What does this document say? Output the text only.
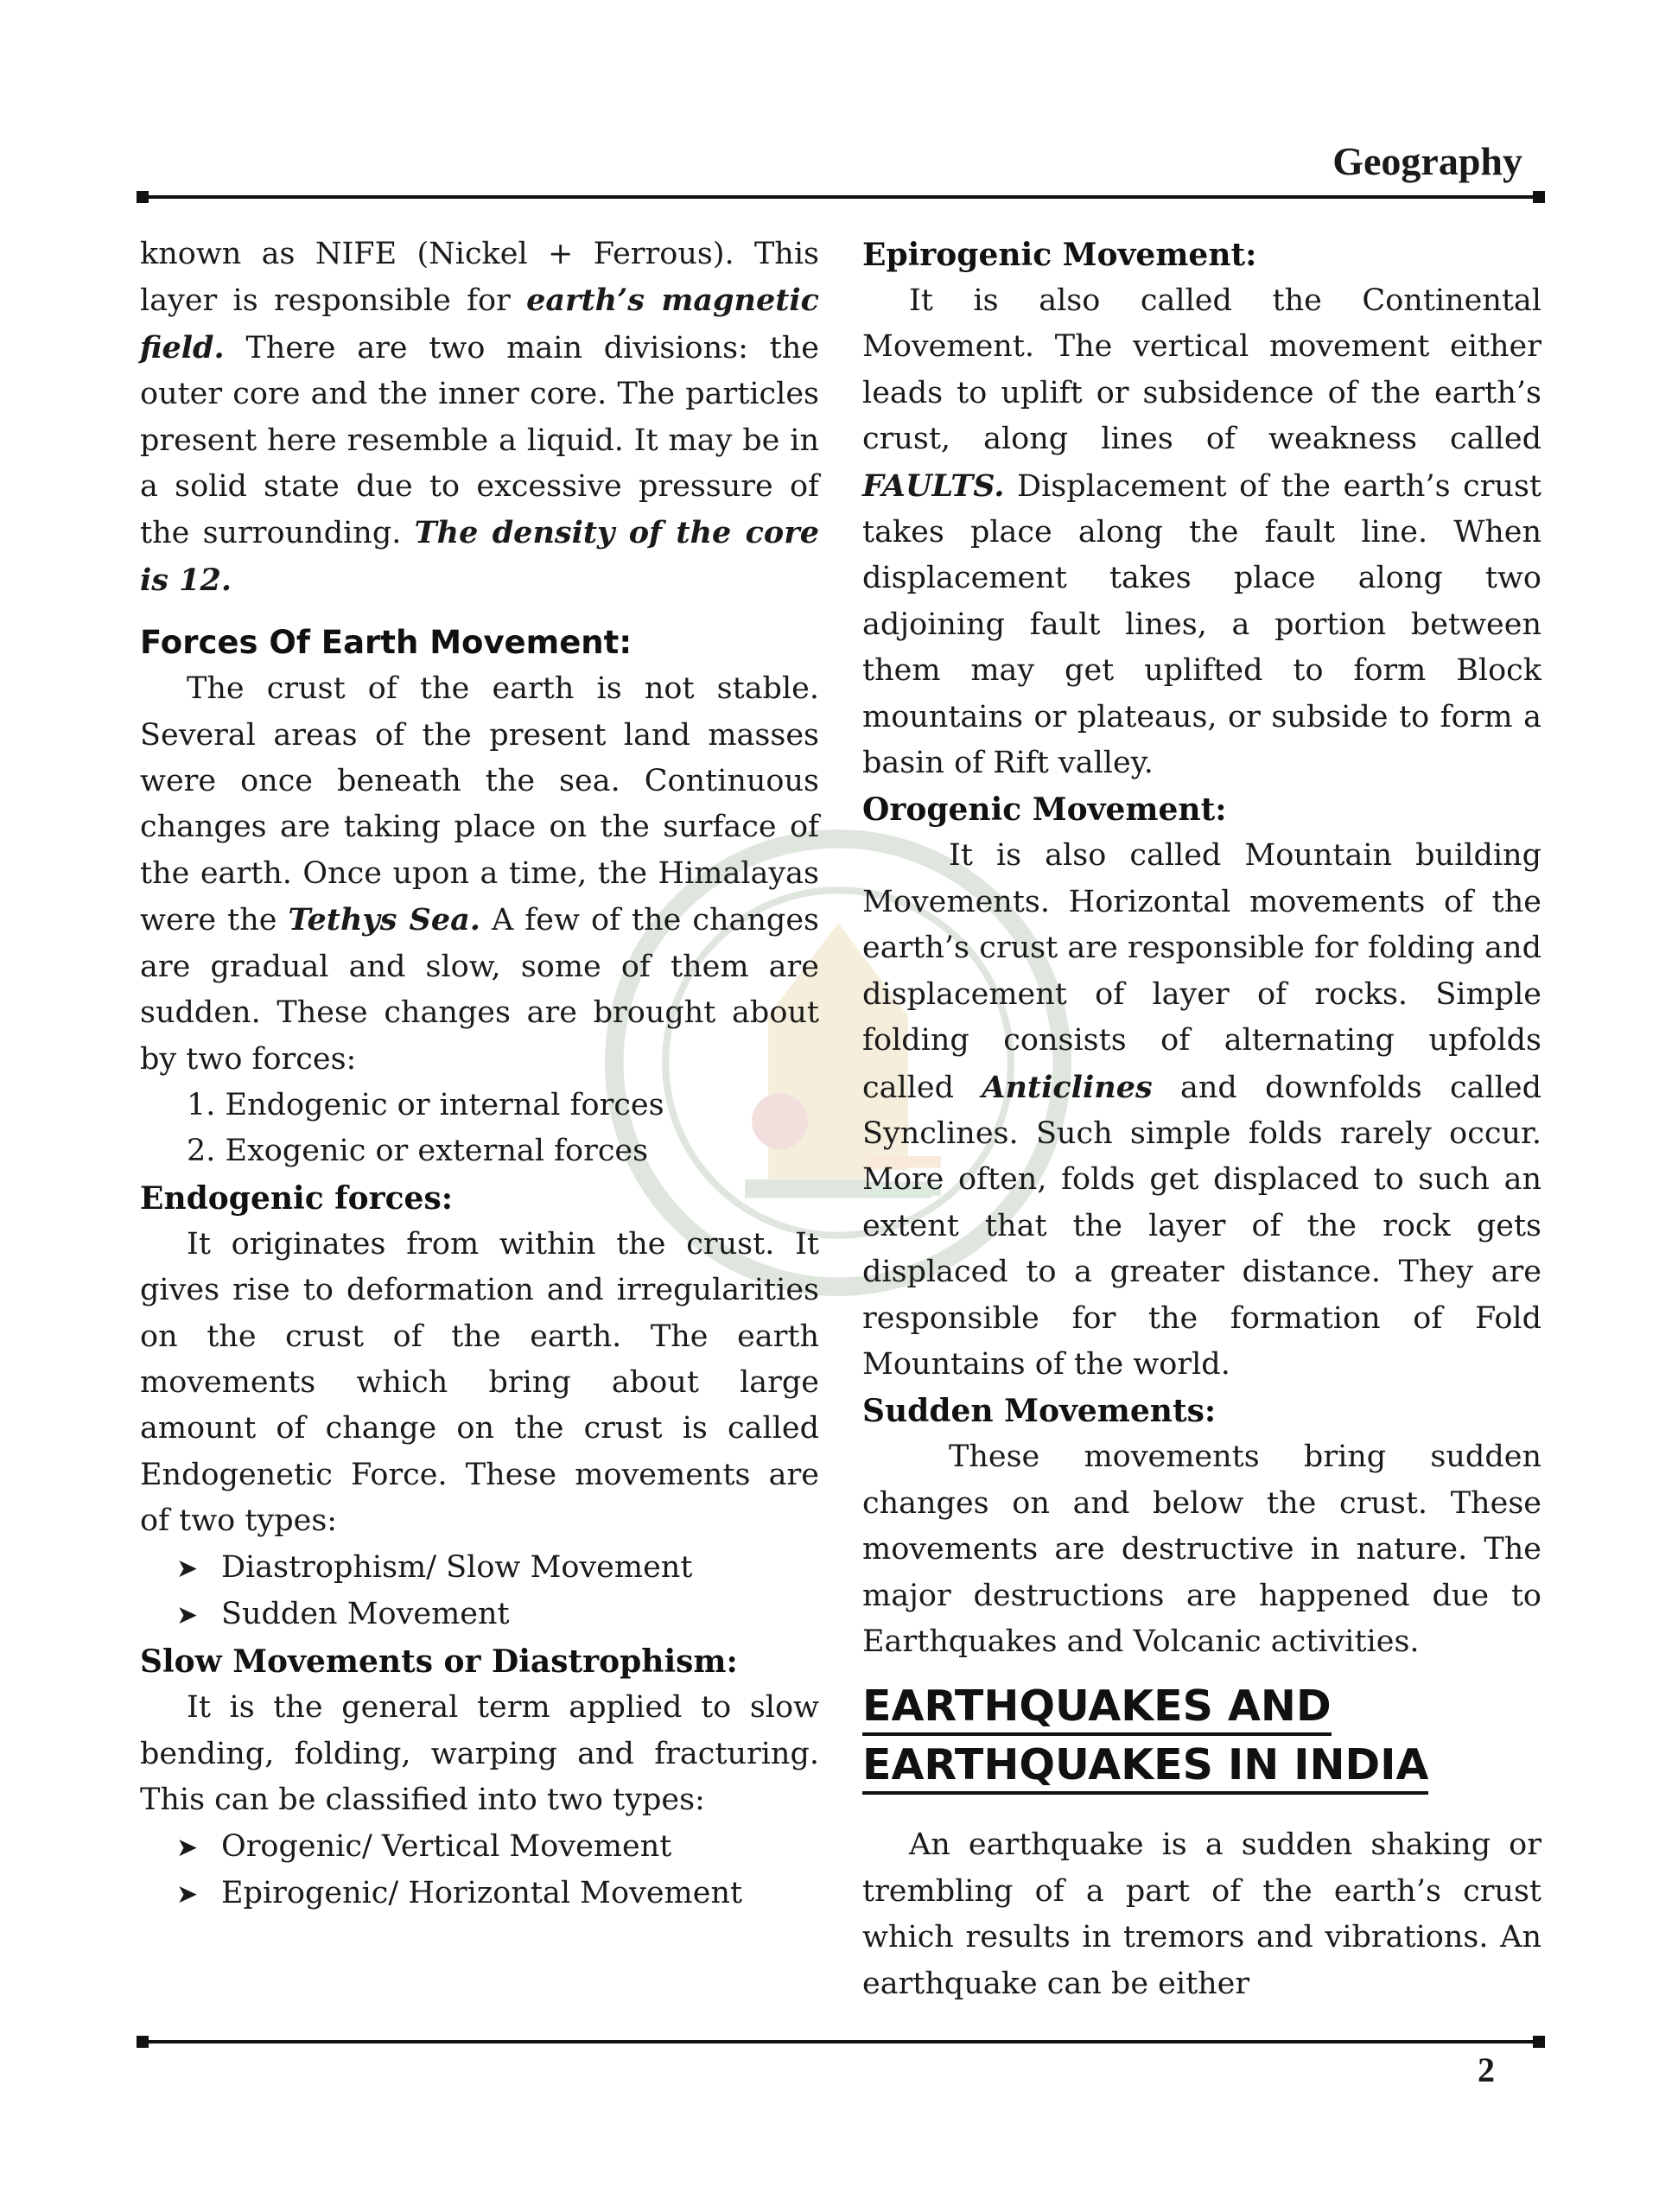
Geography

known as NIFE (Nickel + Ferrous). This layer is responsible for earth’s magnetic field. There are two main divisions: the outer core and the inner core. The particles present here resemble a liquid. It may be in a solid state due to excessive pressure of the surrounding. The density of the core is 12.

Forces Of Earth Movement:

The crust of the earth is not stable. Several areas of the present land masses were once beneath the sea. Continuous changes are taking place on the surface of the earth. Once upon a time, the Himalayas were the Tethys Sea. A few of the changes are gradual and slow, some of them are sudden. These changes are brought about by two forces:

1. Endogenic or internal forces
2. Exogenic or external forces
Endogenic forces:

It originates from within the crust. It gives rise to deformation and irregularities on the crust of the earth. The earth movements which bring about large amount of change on the crust is called Endogenetic Force. These movements are of two types:

➤ Diastrophism/ Slow Movement
➤ Sudden Movement
Slow Movements or Diastrophism:

It is the general term applied to slow bending, folding, warping and fracturing. This can be classified into two types:

➤ Orogenic/ Vertical Movement
➤ Epirogenic/ Horizontal Movement
Epirogenic Movement:

It is also called the Continental Movement. The vertical movement either leads to uplift or subsidence of the earth’s crust, along lines of weakness called FAULTS. Displacement of the earth’s crust takes place along the fault line. When displacement takes place along two adjoining fault lines, a portion between them may get uplifted to form Block mountains or plateaus, or subside to form a basin of Rift valley.

Orogenic Movement:

It is also called Mountain building Movements. Horizontal movements of the earth’s crust are responsible for folding and displacement of layer of rocks. Simple folding consists of alternating upfolds called Anticlines and downfolds called Synclines. Such simple folds rarely occur. More often, folds get displaced to such an extent that the layer of the rock gets displaced to a greater distance. They are responsible for the formation of Fold Mountains of the world.

Sudden Movements:

These movements bring sudden changes on and below the crust. These movements are destructive in nature. The major destructions are happened due to Earthquakes and Volcanic activities.

EARTHQUAKES AND
EARTHQUAKES IN INDIA

An earthquake is a sudden shaking or trembling of a part of the earth’s crust which results in tremors and vibrations. An earthquake can be either

2
